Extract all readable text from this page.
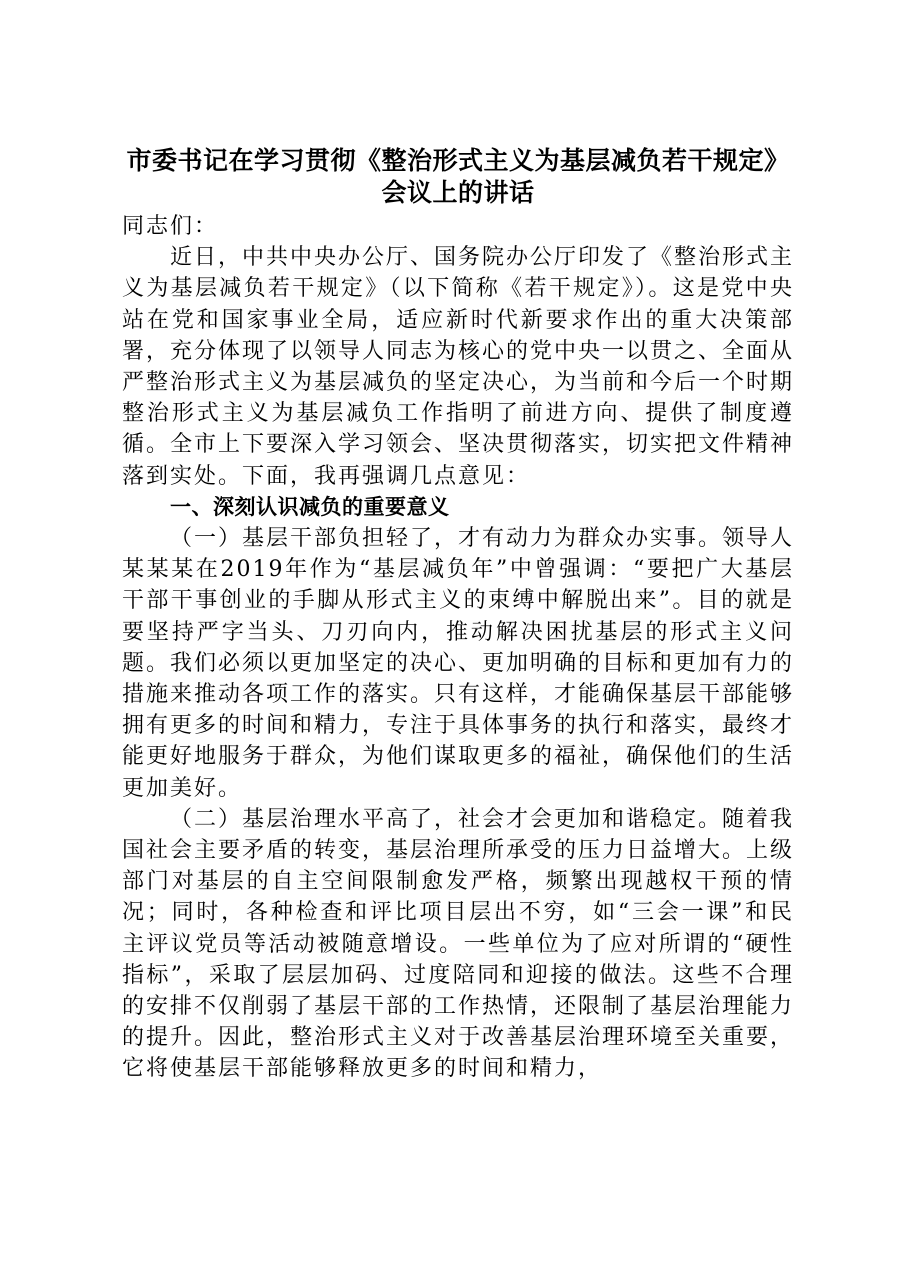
市委书记在学习贯彻《整治形式主义为基层减负若干规定》会议上的讲话

同志们：

近日，中共中央办公厅、国务院办公厅印发了《整治形式主义为基层减负若干规定》（以下简称《若干规定》）。这是党中央站在党和国家事业全局，适应新时代新要求作出的重大决策部署，充分体现了以领导人同志为核心的党中央一以贯之、全面从严整治形式主义为基层减负的坚定决心，为当前和今后一个时期整治形式主义为基层减负工作指明了前进方向、提供了制度遵循。全市上下要深入学习领会、坚决贯彻落实，切实把文件精神落到实处。下面，我再强调几点意见：

一、深刻认识减负的重要意义

（一）基层干部负担轻了，才有动力为群众办实事。领导人某某某在2019年作为“基层减负年”中曾强调：“要把广大基层干部干事创业的手脚从形式主义的束缚中解脱出来”。目的就是要坚持严字当头、刀刃向内，推动解决困扰基层的形式主义问题。我们必须以更加坚定的决心、更加明确的目标和更加有力的措施来推动各项工作的落实。只有这样，才能确保基层干部能够拥有更多的时间和精力，专注于具体事务的执行和落实，最终才能更好地服务于群众，为他们谋取更多的福祉，确保他们的生活更加美好。

（二）基层治理水平高了，社会才会更加和谐稳定。随着我国社会主要矛盾的转变，基层治理所承受的压力日益增大。上级部门对基层的自主空间限制愈发严格，频繁出现越权干预的情况；同时，各种检查和评比项目层出不穷，如“三会一课”和民主评议党员等活动被随意增设。一些单位为了应对所谓的“硬性指标”，采取了层层加码、过度陪同和迎接的做法。这些不合理的安排不仅削弱了基层干部的工作热情，还限制了基层治理能力的提升。因此，整治形式主义对于改善基层治理环境至关重要，它将使基层干部能够释放更多的时间和精力，
